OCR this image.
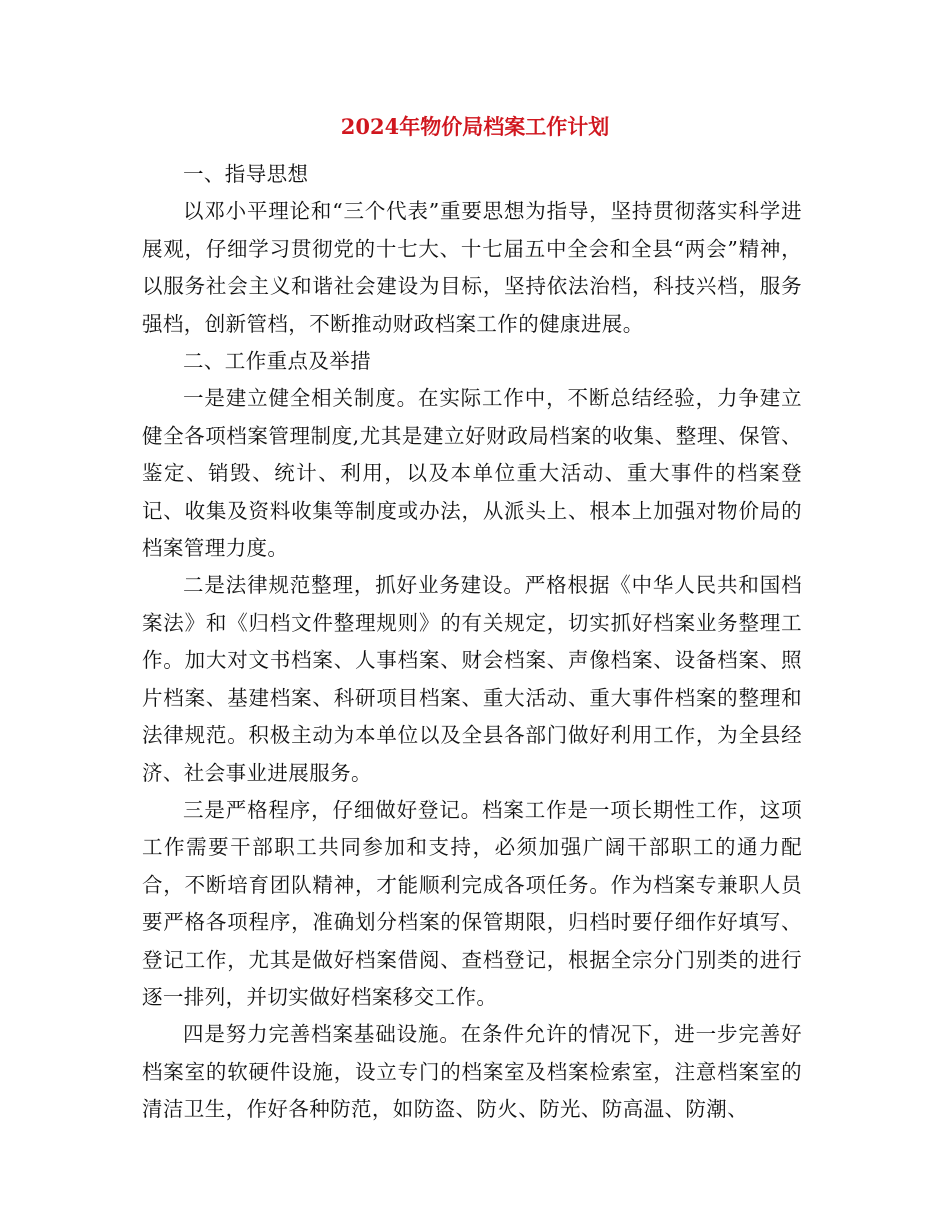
2024年物价局档案工作计划

一、指导思想

以邓小平理论和“三个代表”重要思想为指导，坚持贯彻落实科学进展观，仔细学习贯彻党的十七大、十七届五中全会和全县“两会”精神，以服务社会主义和谐社会建设为目标，坚持依法治档，科技兴档，服务强档，创新管档，不断推动财政档案工作的健康进展。

二、工作重点及举措

一是建立健全相关制度。在实际工作中，不断总结经验，力争建立健全各项档案管理制度,尤其是建立好财政局档案的收集、整理、保管、鉴定、销毁、统计、利用，以及本单位重大活动、重大事件的档案登记、收集及资料收集等制度或办法，从派头上、根本上加强对物价局的档案管理力度。

二是法律规范整理，抓好业务建设。严格根据《中华人民共和国档案法》和《归档文件整理规则》的有关规定，切实抓好档案业务整理工作。加大对文书档案、人事档案、财会档案、声像档案、设备档案、照片档案、基建档案、科研项目档案、重大活动、重大事件档案的整理和法律规范。积极主动为本单位以及全县各部门做好利用工作，为全县经济、社会事业进展服务。

三是严格程序，仔细做好登记。档案工作是一项长期性工作，这项工作需要干部职工共同参加和支持，必须加强广阔干部职工的通力配合，不断培育团队精神，才能顺利完成各项任务。作为档案专兼职人员要严格各项程序，准确划分档案的保管期限，归档时要仔细作好填写、登记工作，尤其是做好档案借阅、查档登记，根据全宗分门别类的进行逐一排列，并切实做好档案移交工作。

四是努力完善档案基础设施。在条件允许的情况下，进一步完善好档案室的软硬件设施，设立专门的档案室及档案检索室，注意档案室的清洁卫生，作好各种防范，如防盗、防火、防光、防高温、防潮、
